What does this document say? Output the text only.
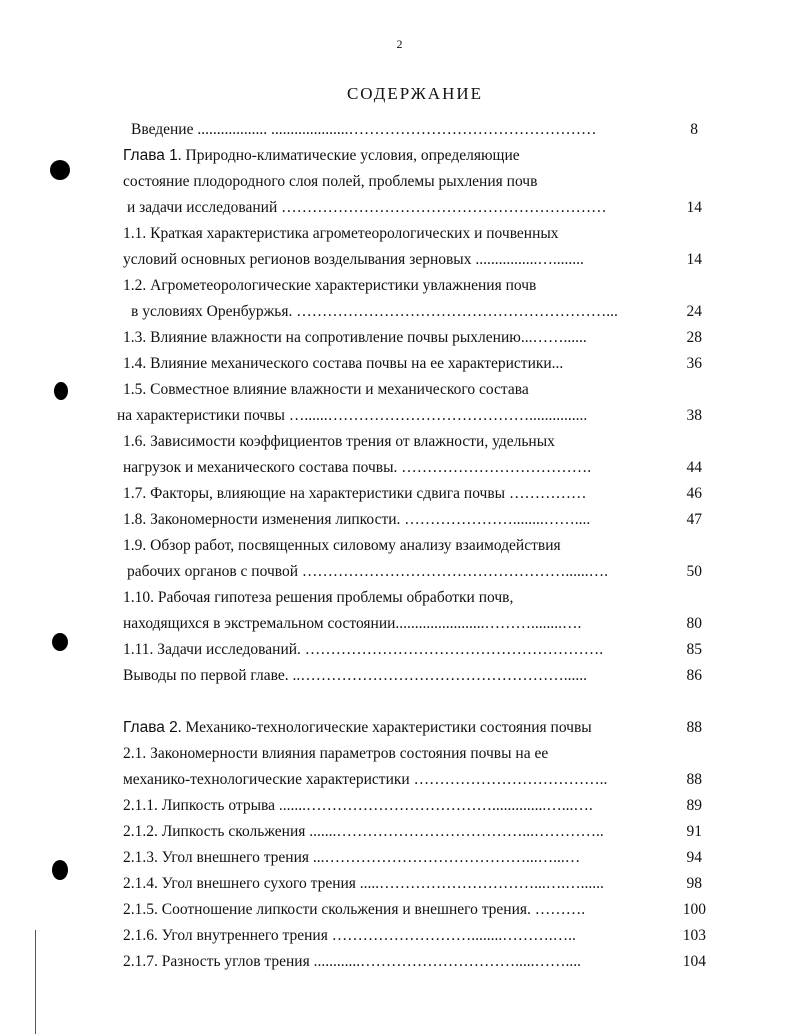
2
СОДЕРЖАНИЕ
Введение .................. ....................…………………………………………	8
Глава 1. Природно-климатические условия, определяющие
состояние плодородного слоя полей, проблемы рыхления почв
и задачи исследований ………………………………………………………	14
1.1. Краткая характеристика агрометеорологических и почвенных
условий основных регионов возделывания зерновых ................…........	14
1.2. Агрометеорологические характеристики увлажнения почв
в условиях Оренбуржья. ……………………………………………………...	24
1.3. Влияние влажности на сопротивление почвы рыхлению...……......	28
1.4. Влияние механического состава почвы на ее характеристики...	36
1.5. Совместное влияние влажности и механического состава
на характеристики почвы …......…………………………………...............	38
1.6. Зависимости коэффициентов трения от влажности, удельных
нагрузок и механического состава почвы. ……………………………….	44
1.7. Факторы, влияющие на характеристики сдвига почвы ……………	46
1.8. Закономерности изменения липкости. …………………........……....	47
1.9. Обзор работ, посвященных силовому анализу взаимодействия
рабочих органов с почвой ……………………………………………......….	50
1.10. Рабочая гипотеза решения проблемы обработки почв,
находящихся в экстремальном состоянии.......................………........….	80
1.11. Задачи исследований. ………………………………………………….	85
Выводы по первой главе. ..……………………………………………......	86
Глава 2. Механико-технологические характеристики состояния почвы	88
2.1. Закономерности влияния параметров состояния почвы на ее
механико-технологические характеристики ………………………………..	88
2.1.1. Липкость отрыва .......………………………………..............…...….	89
2.1.2. Липкость скольжения .......………………………………...…………..	91
2.1.3. Угол внешнего трения ...…………………………………...…...…	94
2.1.4. Угол внешнего сухого трения .....…………………………...….…......	98
2.1.5. Соотношение липкости скольжения и внешнего трения. ……….	100
2.1.6. Угол внутреннего трения ………………………........……….…..	103
2.1.7. Разность углов трения ............………………………….....……....	104
